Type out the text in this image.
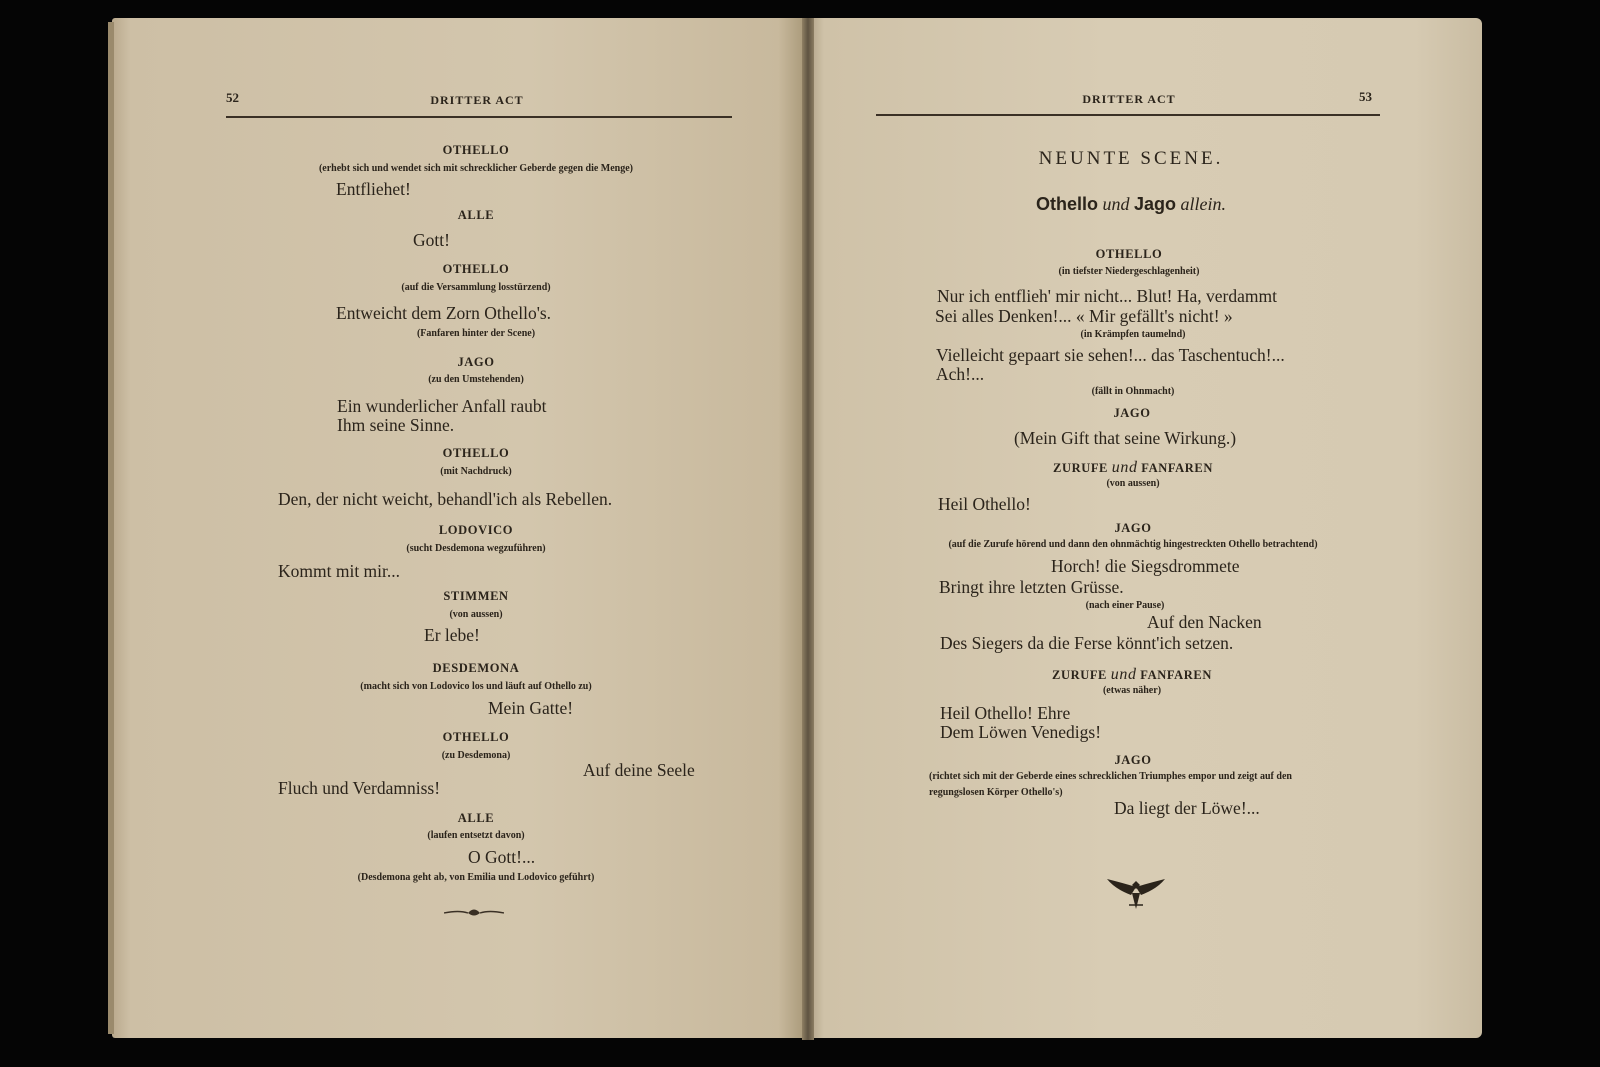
52	DRITTER ACT
OTHELLO
(erhebt sich und wendet sich mit schrecklicher Geberde gegen die Menge)
Entfliehet!
ALLE
Gott!
OTHELLO
(auf die Versammlung losstürzend)
Entweicht dem Zorn Othello's.
(Fanfaren hinter der Scene)
JAGO
(zu den Umstehenden)
Ein wunderlicher Anfall raubt
Ihm seine Sinne.
OTHELLO
(mit Nachdruck)
Den, der nicht weicht, behandl'ich als Rebellen.
LODOVICO
(sucht Desdemona wegzuführen)
Kommt mit mir...
STIMMEN
(von aussen)
Er lebe!
DESDEMONA
(macht sich von Lodovico los und läuft auf Othello zu)
Mein Gatte!
OTHELLO
(zu Desdemona)
Auf deine Seele
Fluch und Verdamniss!
ALLE
(laufen entsetzt davon)
O Gott!...
(Desdemona geht ab, von Emilia und Lodovico geführt)
DRITTER ACT	53
NEUNTE SCENE.
Othello und Jago allein.
OTHELLO
(in tiefster Niedergeschlagenheit)
Nur ich entflieh' mir nicht... Blut! Ha, verdammt
Sei alles Denken!... « Mir gefällt's nicht! »
(in Krämpfen taumelnd)
Vielleicht gepaart sie sehen!... das Taschentuch!...
Ach!...
(fällt in Ohnmacht)
JAGO
(Mein Gift that seine Wirkung.)
ZURUFE und FANFAREN
(von aussen)
Heil Othello!
JAGO
(auf die Zurufe hörend und dann den ohnmächtig hingestreckten Othello betrachtend)
Horch! die Siegsdrommete
Bringt ihre letzten Grüsse.
(nach einer Pause)
Auf den Nacken
Des Siegers da die Ferse könnt'ich setzen.
ZURUFE und FANFAREN
(etwas näher)
Heil Othello! Ehre
Dem Löwen Venedigs!
JAGO
(richtet sich mit der Geberde eines schrecklichen Triumphes empor und zeigt auf den
regungslosen Körper Othello's)
Da liegt der Löwe!...
